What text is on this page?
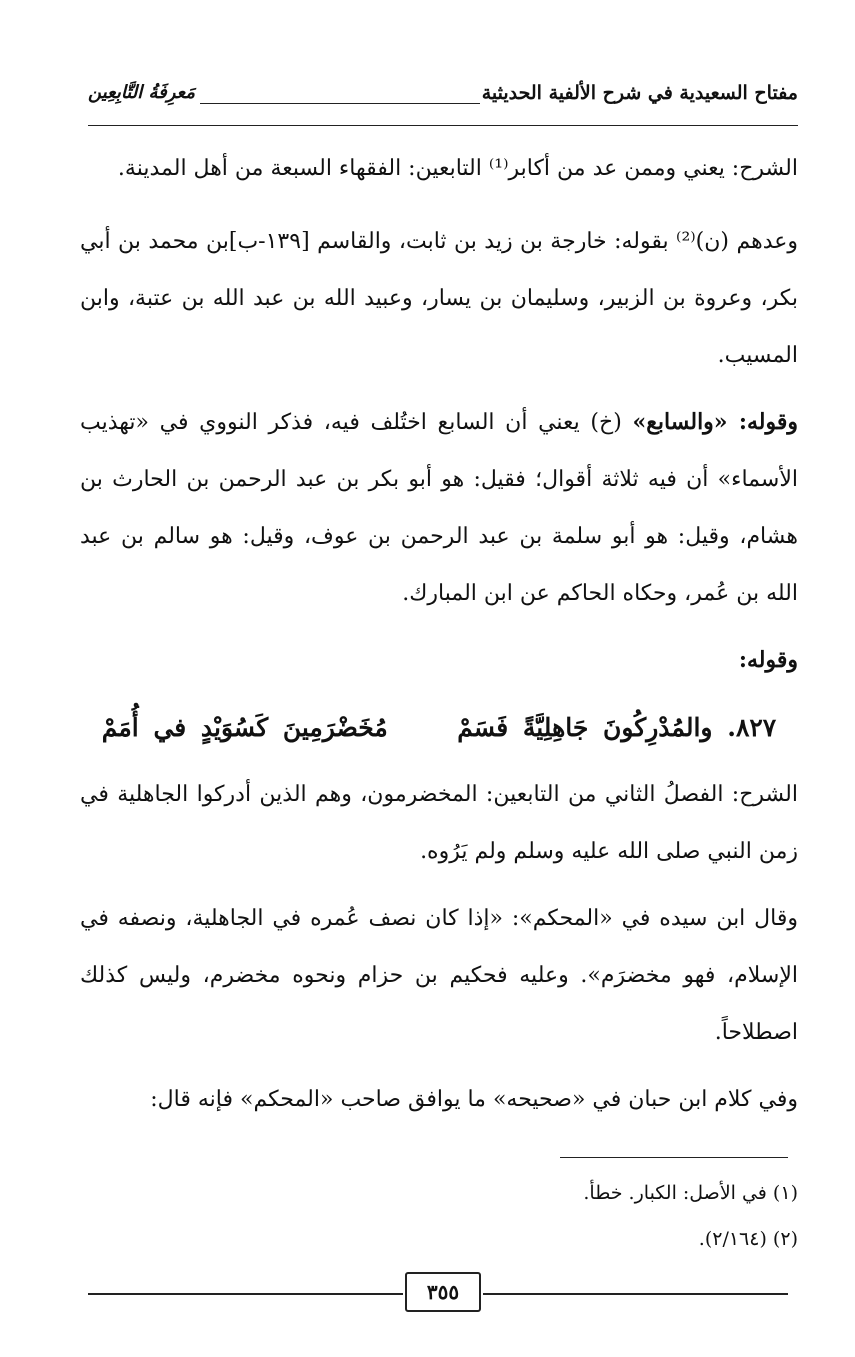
مفتاح السعيدية في شرح الألفية الحديثية
مَعرِفَةُ التَّابِعِين

الشرح: يعني وممن عد من أكابر⁽¹⁾ التابعين: الفقهاء السبعة من أهل المدينة.

وعدهم (ن)⁽²⁾ بقوله: خارجة بن زيد بن ثابت، والقاسم [١٣٩-ب]بن محمد بن أبي بكر، وعروة بن الزبير، وسليمان بن يسار، وعبيد الله بن عبد الله بن عتبة، وابن المسيب.

وقوله: «والسابع» (خ) يعني أن السابع اختُلف فيه، فذكر النووي في «تهذيب الأسماء» أن فيه ثلاثة أقوال؛ فقيل: هو أبو بكر بن عبد الرحمن بن الحارث بن هشام، وقيل: هو أبو سلمة بن عبد الرحمن بن عوف، وقيل: هو سالم بن عبد الله بن عُمر، وحكاه الحاكم عن ابن المبارك.

وقوله:

٨٢٧. والمُدْرِكُونَ جَاهِلِيَّةً فَسَمْ  مُخَضْرَمِينَ كَسُوَيْدٍ في أُمَمْ

الشرح: الفصلُ الثاني من التابعين: المخضرمون، وهم الذين أدركوا الجاهلية في زمن النبي صلى الله عليه وسلم ولم يَرُوه.

وقال ابن سيده في «المحكم»: «إذا كان نصف عُمره في الجاهلية، ونصفه في الإسلام، فهو مخضرَم». وعليه فحكيم بن حزام ونحوه مخضرم، وليس كذلك اصطلاحاً.

وفي كلام ابن حبان في «صحيحه» ما يوافق صاحب «المحكم» فإنه قال:

(١) في الأصل: الكبار. خطأ.
(٢) (٢/١٦٤).
٣٥٥
